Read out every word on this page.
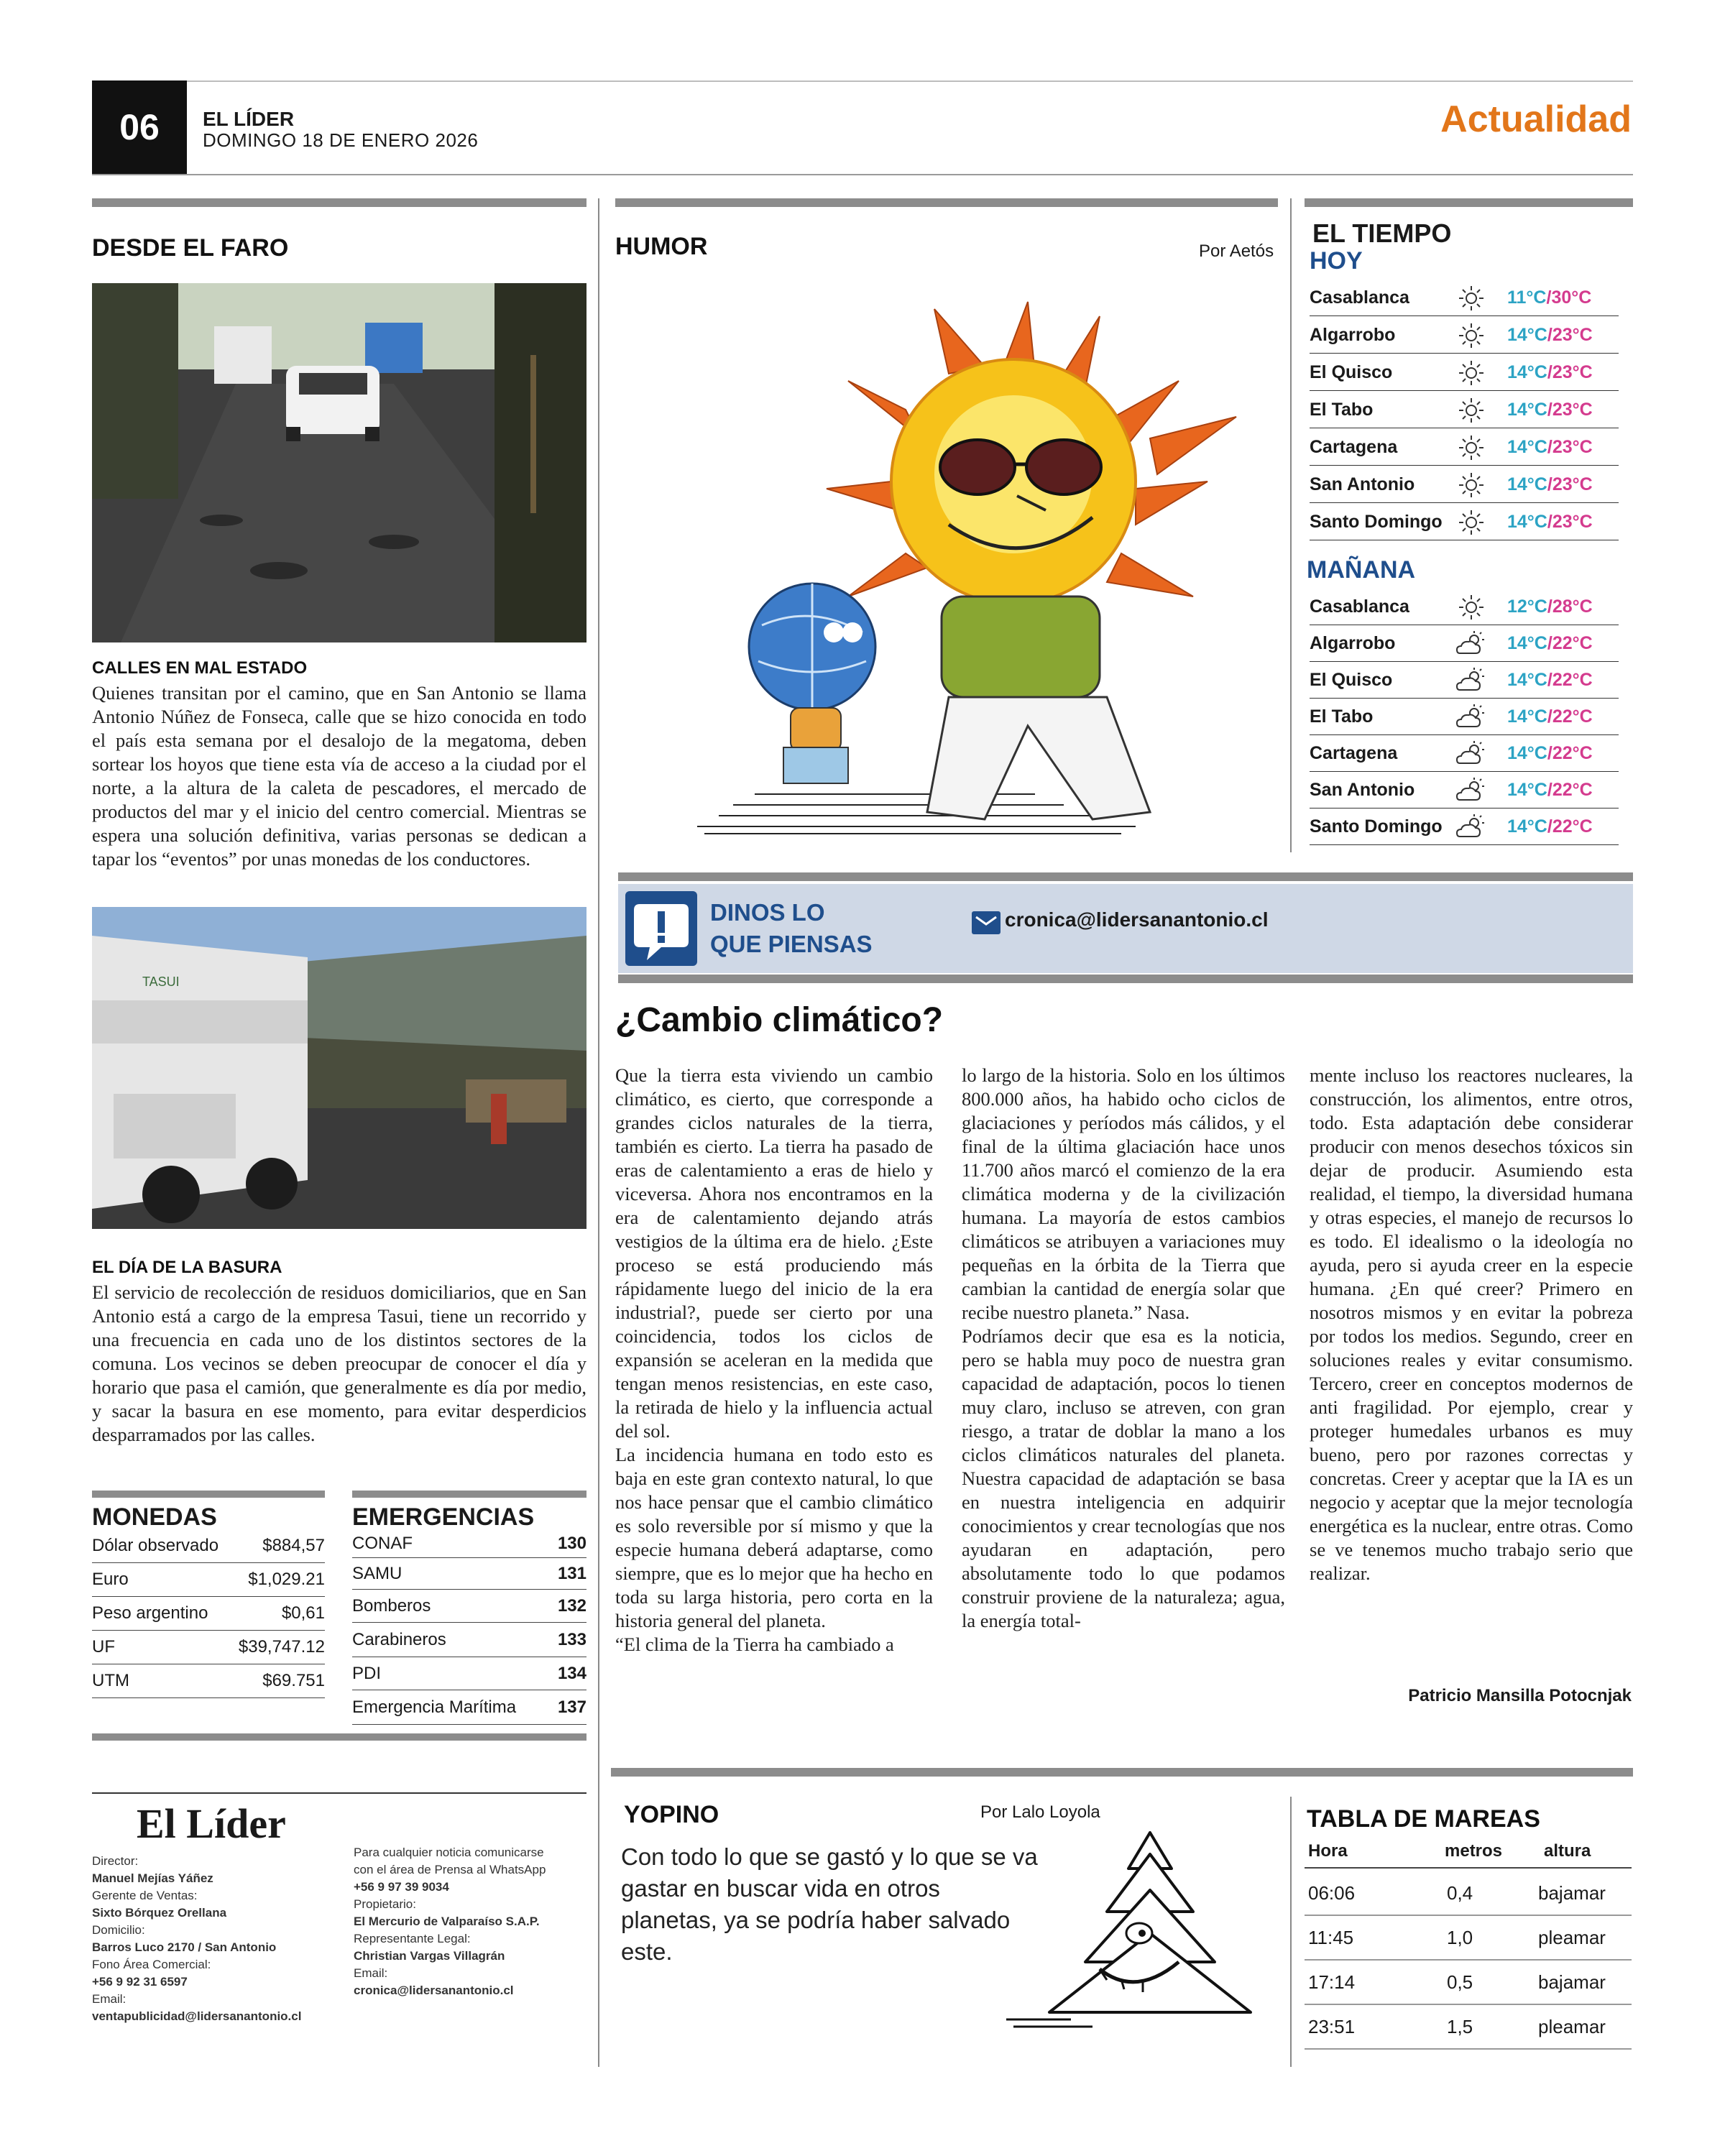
06	EL LÍDER
DOMINGO 18 DE ENERO 2026	Actualidad
DESDE EL FARO
CALLES EN MAL ESTADO
Quienes transitan por el camino, que en San Antonio se llama Antonio Núñez de Fonseca, calle que se hizo conocida en todo el país esta semana por el desalojo de la megatoma, deben sortear los hoyos que tiene esta vía de acceso a la ciudad por el norte, a la altura de la caleta de pescadores, el mercado de productos del mar y el inicio del centro comercial. Mientras se espera una solución definitiva, varias personas se dedican a tapar los “eventos” por unas monedas de los conductores.
TASUI
EL DÍA DE LA BASURA
El servicio de recolección de residuos domiciliarios, que en San Antonio está a cargo de la empresa Tasui, tiene un recorrido y una frecuencia en cada uno de los distintos sectores de la comuna. Los vecinos se deben preocupar de conocer el día y horario que pasa el camión, que generalmente es día por medio, y sacar la basura en ese momento, para evitar desperdicios desparramados por las calles.
MONEDAS
Dólar observado	$884,57
Euro	$1,029.21
Peso argentino	$0,61
UF	$39,747.12
UTM	$69.751
EMERGENCIAS
CONAF	130
SAMU	131
Bomberos	132
Carabineros	133
PDI	134
Emergencia Marítima 137
HUMOR	Por Aetós
EL TIEMPO
HOY
MAÑANA
Casablanca	11°C/30°C
Algarrobo	14°C/23°C
El Quisco	14°C/23°C
El Tabo	14°C/23°C
Cartagena	14°C/23°C
San Antonio	14°C/23°C
Santo Domingo	14°C/23°C
Casablanca	12°C/28°C
Algarrobo	14°C/22°C
El Quisco	14°C/22°C
El Tabo	14°C/22°C
Cartagena	14°C/22°C
San Antonio	14°C/22°C
Santo Domingo	14°C/22°C
DINOS LO
QUE PIENSAS
cronica@lidersanantonio.cl
¿Cambio climático?
Que la tierra esta viviendo un cambio climático, es cierto, que corresponde a grandes ciclos naturales de la tierra, también es cierto. La tierra ha pasado de eras de calentamiento a eras de hielo y viceversa. Ahora nos encontramos en la era de calentamiento dejando atrás vestigios de la última era de hielo. ¿Este proceso se está produciendo más rápidamente luego del inicio de la era industrial?, puede ser cierto por una coincidencia, todos los ciclos de expansión se aceleran en la medida que tengan menos resistencias, en este caso, la retirada de hielo y la influencia actual del sol.
La incidencia humana en todo esto es baja en este gran contexto natural, lo que nos hace pensar que el cambio climático es solo reversible por sí mismo y que la especie humana deberá adaptarse, como siempre, que es lo mejor que ha hecho en toda su larga historia, pero corta en la historia general del planeta.
“El clima de la Tierra ha cambiado a
lo largo de la historia. Solo en los últimos 800.000 años, ha habido ocho ciclos de glaciaciones y períodos más cálidos, y el final de la última glaciación hace unos 11.700 años marcó el comienzo de la era climática moderna y de la civilización humana. La mayoría de estos cambios climáticos se atribuyen a variaciones muy pequeñas en la órbita de la Tierra que cambian la cantidad de energía solar que recibe nuestro planeta.” Nasa.
Podríamos decir que esa es la noticia, pero se habla muy poco de nuestra gran capacidad de adaptación, pocos lo tienen muy claro, incluso se atreven, con gran riesgo, a tratar de doblar la mano a los ciclos climáticos naturales del planeta. Nuestra capacidad de adaptación se basa en nuestra inteligencia en adquirir conocimientos y crear tecnologías que nos ayudaran en adaptación, pero absolutamente todo lo que podamos construir proviene de la naturaleza; agua, la energía total-
mente incluso los reactores nucleares, la construcción, los alimentos, entre otros, todo. Esta adaptación debe considerar producir con menos desechos tóxicos sin dejar de producir. Asumiendo esta realidad, el tiempo, la diversidad humana y otras especies, el manejo de recursos lo es todo. El idealismo o la ideología no ayuda, pero si ayuda creer en la especie humana. ¿En qué creer? Primero en nosotros mismos y en evitar la pobreza por todos los medios. Segundo, creer en soluciones reales y evitar consumismo. Tercero, creer en conceptos modernos de anti fragilidad. Por ejemplo, crear y proteger humedales urbanos es muy bueno, pero por razones correctas y concretas. Creer y aceptar que la IA es un negocio y aceptar que la mejor tecnología energética es la nuclear, entre otras. Como se ve tenemos mucho trabajo serio que realizar.
Patricio Mansilla Potocnjak
El Líder
Director:
Manuel Mejías Yáñez
Gerente de Ventas:
Sixto Bórquez Orellana
Domicilio:
Barros Luco 2170 / San Antonio
Fono Área Comercial:
+56 9 92 31 6597
Email:
ventapublicidad@lidersanantonio.cl
Para cualquier noticia comunicarse
con el área de Prensa al WhatsApp
+56 9 97 39 9034
Propietario:
El Mercurio de Valparaíso S.A.P.
Representante Legal:
Christian Vargas Villagrán
Email:
cronica@lidersanantonio.cl
YOPINO	Por Lalo Loyola
Con todo lo que se gastó y lo que se va gastar en buscar vida en otros planetas, ya se podría haber salvado este.
TABLA DE MAREAS
Hora	metros altura
06:06	0,4	bajamar
11:45	1,0	pleamar
17:14	0,5	bajamar
23:51	1,5	pleamar
